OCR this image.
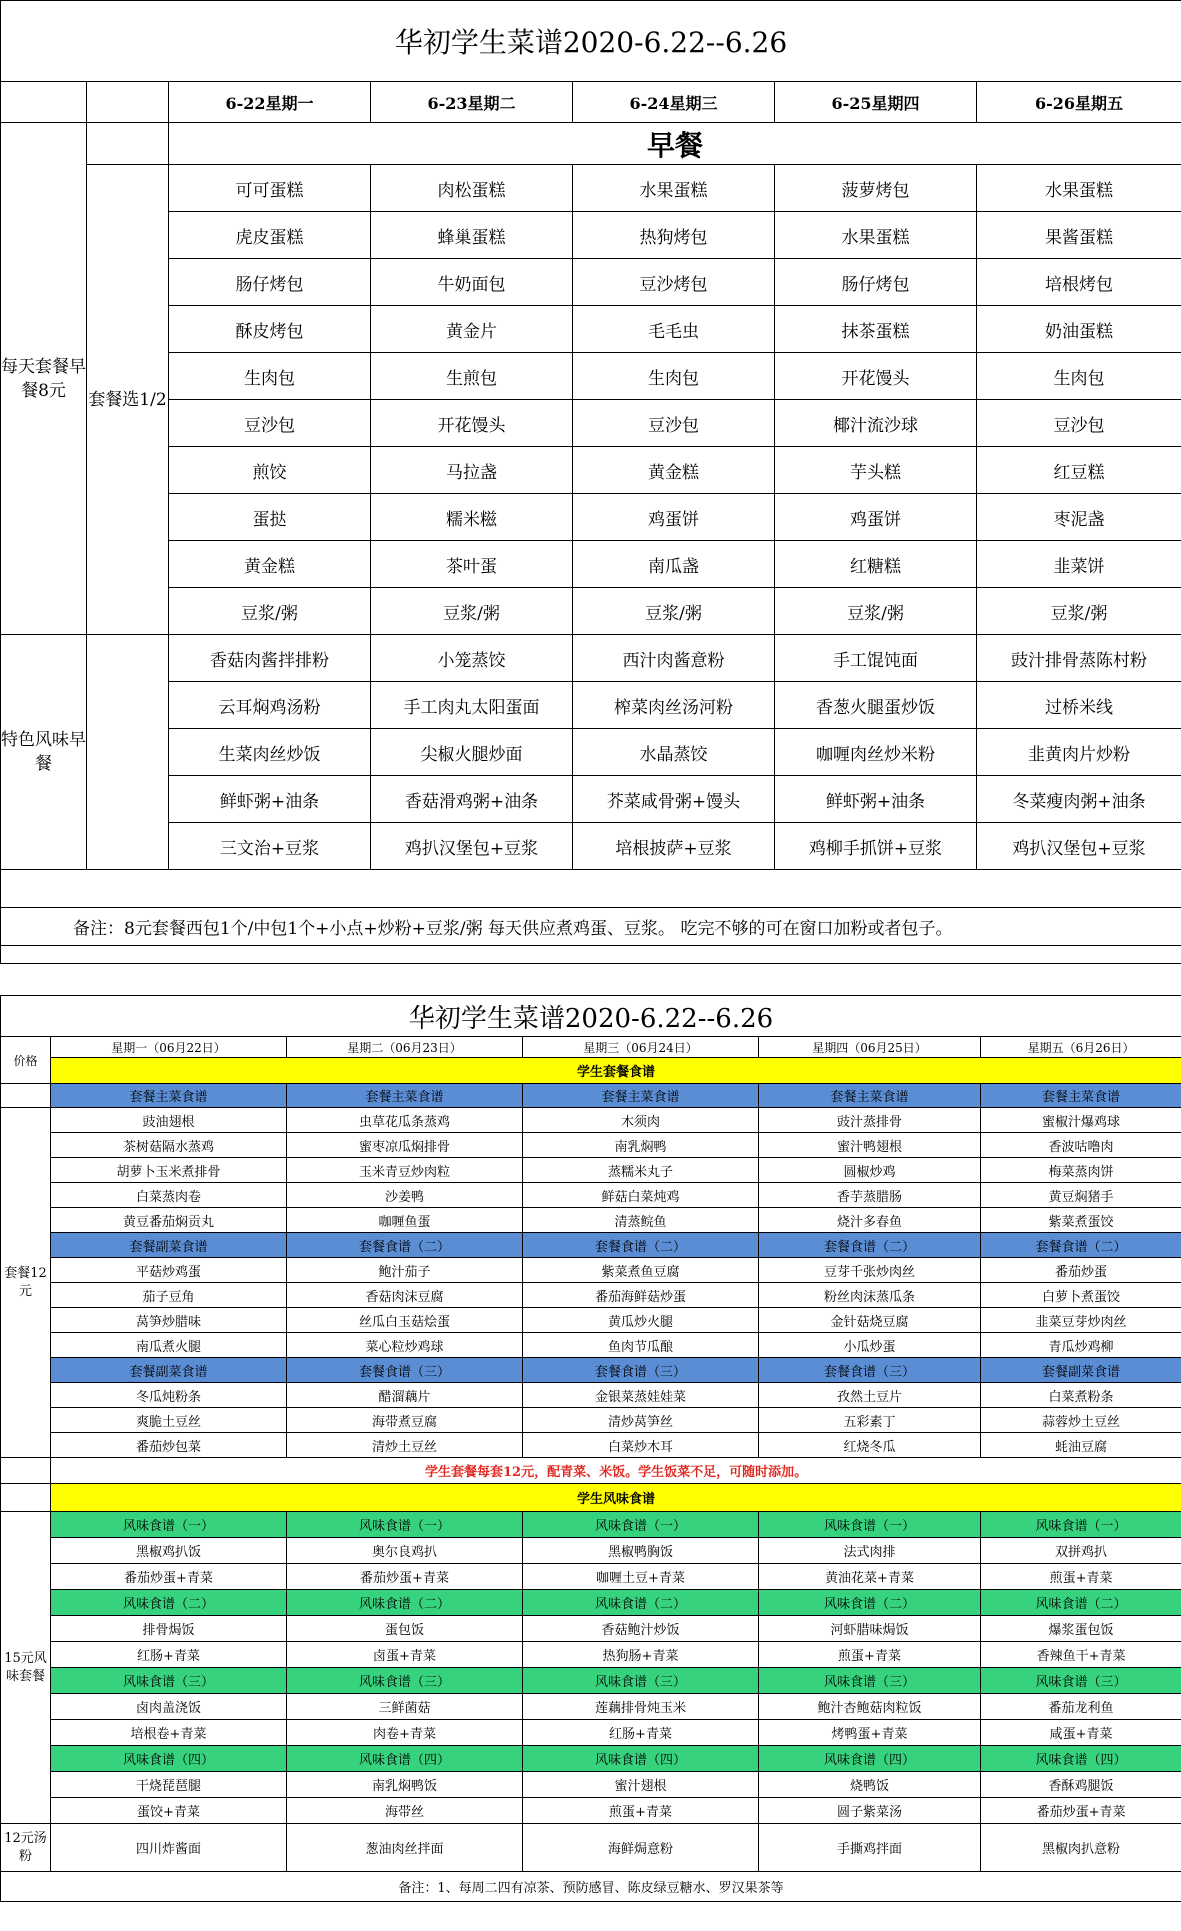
华初学生菜谱2020-6.22--6.26						
		6-22星期一	6-23星期二	6-24星期三	6-25星期四	6-26星期五
每天套餐早餐8元		早餐				
	套餐选1/2	可可蛋糕	肉松蛋糕	水果蛋糕	菠萝烤包	水果蛋糕
		虎皮蛋糕	蜂巢蛋糕	热狗烤包	水果蛋糕	果酱蛋糕
		肠仔烤包	牛奶面包	豆沙烤包	肠仔烤包	培根烤包
		酥皮烤包	黄金片	毛毛虫	抹茶蛋糕	奶油蛋糕
		生肉包	生煎包	生肉包	开花馒头	生肉包
		豆沙包	开花馒头	豆沙包	椰汁流沙球	豆沙包
		煎饺	马拉盏	黄金糕	芋头糕	红豆糕
		蛋挞	糯米糍	鸡蛋饼	鸡蛋饼	枣泥盏
		黄金糕	茶叶蛋	南瓜盏	红糖糕	韭菜饼
		豆浆/粥	豆浆/粥	豆浆/粥	豆浆/粥	豆浆/粥
特色风味早餐		香菇肉酱拌排粉	小笼蒸饺	西汁肉酱意粉	手工馄饨面	豉汁排骨蒸陈村粉
		云耳焖鸡汤粉	手工肉丸太阳蛋面	榨菜肉丝汤河粉	香葱火腿蛋炒饭	过桥米线
		生菜肉丝炒饭	尖椒火腿炒面	水晶蒸饺	咖喱肉丝炒米粉	韭黄肉片炒粉
		鲜虾粥+油条	香菇滑鸡粥+油条	芥菜咸骨粥+馒头	鲜虾粥+油条	冬菜瘦肉粥+油条
		三文治+豆浆	鸡扒汉堡包+豆浆	培根披萨+豆浆	鸡柳手抓饼+豆浆	鸡扒汉堡包+豆浆

备注：8元套餐西包1个/中包1个+小点+炒粉+豆浆/粥 每天供应煮鸡蛋、豆浆。 吃完不够的可在窗口加粉或者包子。						

华初学生菜谱2020-6.22--6.26					
价格	星期一（06月22日）	星期二（06月23日）	星期三（06月24日）	星期四（06月25日）	星期五（6月26日）
	学生套餐食谱				
	套餐主菜食谱	套餐主菜食谱	套餐主菜食谱	套餐主菜食谱	套餐主菜食谱
套餐12元	豉油翅根	虫草花瓜条蒸鸡	木须肉	豉汁蒸排骨	蜜椒汁爆鸡球
	茶树菇隔水蒸鸡	蜜枣凉瓜焖排骨	南乳焖鸭	蜜汁鸭翅根	香波咕噜肉
	胡萝卜玉米煮排骨	玉米青豆炒肉粒	蒸糯米丸子	圆椒炒鸡	梅菜蒸肉饼
	白菜蒸肉卷	沙姜鸭	鲜菇白菜炖鸡	香芋蒸腊肠	黄豆焖猪手
	黄豆番茄焖贡丸	咖喱鱼蛋	清蒸鲩鱼	烧汁多春鱼	紫菜煮蛋饺
	套餐副菜食谱	套餐食谱（二）	套餐食谱（二）	套餐食谱（二）	套餐食谱（二）
	平菇炒鸡蛋	鲍汁茄子	紫菜煮鱼豆腐	豆芽千张炒肉丝	番茄炒蛋
	茄子豆角	香菇肉沫豆腐	番茄海鲜菇炒蛋	粉丝肉沫蒸瓜条	白萝卜煮蛋饺
	莴笋炒腊味	丝瓜白玉菇烩蛋	黄瓜炒火腿	金针菇烧豆腐	韭菜豆芽炒肉丝
	南瓜煮火腿	菜心粒炒鸡球	鱼肉节瓜酿	小瓜炒蛋	青瓜炒鸡柳
	套餐副菜食谱	套餐食谱（三）	套餐食谱（三）	套餐食谱（三）	套餐副菜食谱
	冬瓜炖粉条	醋溜藕片	金银菜蒸娃娃菜	孜然土豆片	白菜煮粉条
	爽脆土豆丝	海带煮豆腐	清炒莴笋丝	五彩素丁	蒜蓉炒土豆丝
	番茄炒包菜	清炒土豆丝	白菜炒木耳	红烧冬瓜	蚝油豆腐
	学生套餐每套12元，配青菜、米饭。学生饭菜不足，可随时添加。				
	学生风味食谱				
15元风味套餐	风味食谱（一）	风味食谱（一）	风味食谱（一）	风味食谱（一）	风味食谱（一）
	黑椒鸡扒饭	奥尔良鸡扒	黑椒鸭胸饭	法式肉排	双拼鸡扒
	番茄炒蛋+青菜	番茄炒蛋+青菜	咖喱土豆+青菜	黄油花菜+青菜	煎蛋+青菜
	风味食谱（二）	风味食谱（二）	风味食谱（二）	风味食谱（二）	风味食谱（二）
	排骨焗饭	蛋包饭	香菇鲍汁炒饭	河虾腊味焗饭	爆浆蛋包饭
	红肠+青菜	卤蛋+青菜	热狗肠+青菜	煎蛋+青菜	香辣鱼干+青菜
	风味食谱（三）	风味食谱（三）	风味食谱（三）	风味食谱（三）	风味食谱（三）
	卤肉盖浇饭	三鲜菌菇	莲藕排骨炖玉米	鲍汁杏鲍菇肉粒饭	番茄龙利鱼
	培根卷+青菜	肉卷+青菜	红肠+青菜	烤鸭蛋+青菜	咸蛋+青菜
	风味食谱（四）	风味食谱（四）	风味食谱（四）	风味食谱（四）	风味食谱（四）
	干烧琵琶腿	南乳焖鸭饭	蜜汁翅根	烧鸭饭	香酥鸡腿饭
	蛋饺+青菜	海带丝	煎蛋+青菜	圆子紫菜汤	番茄炒蛋+青菜
12元汤粉	四川炸酱面	葱油肉丝拌面	海鲜焗意粉	手撕鸡拌面	黑椒肉扒意粉
备注：1、每周二四有凉茶、预防感冒、陈皮绿豆糖水、罗汉果茶等					
